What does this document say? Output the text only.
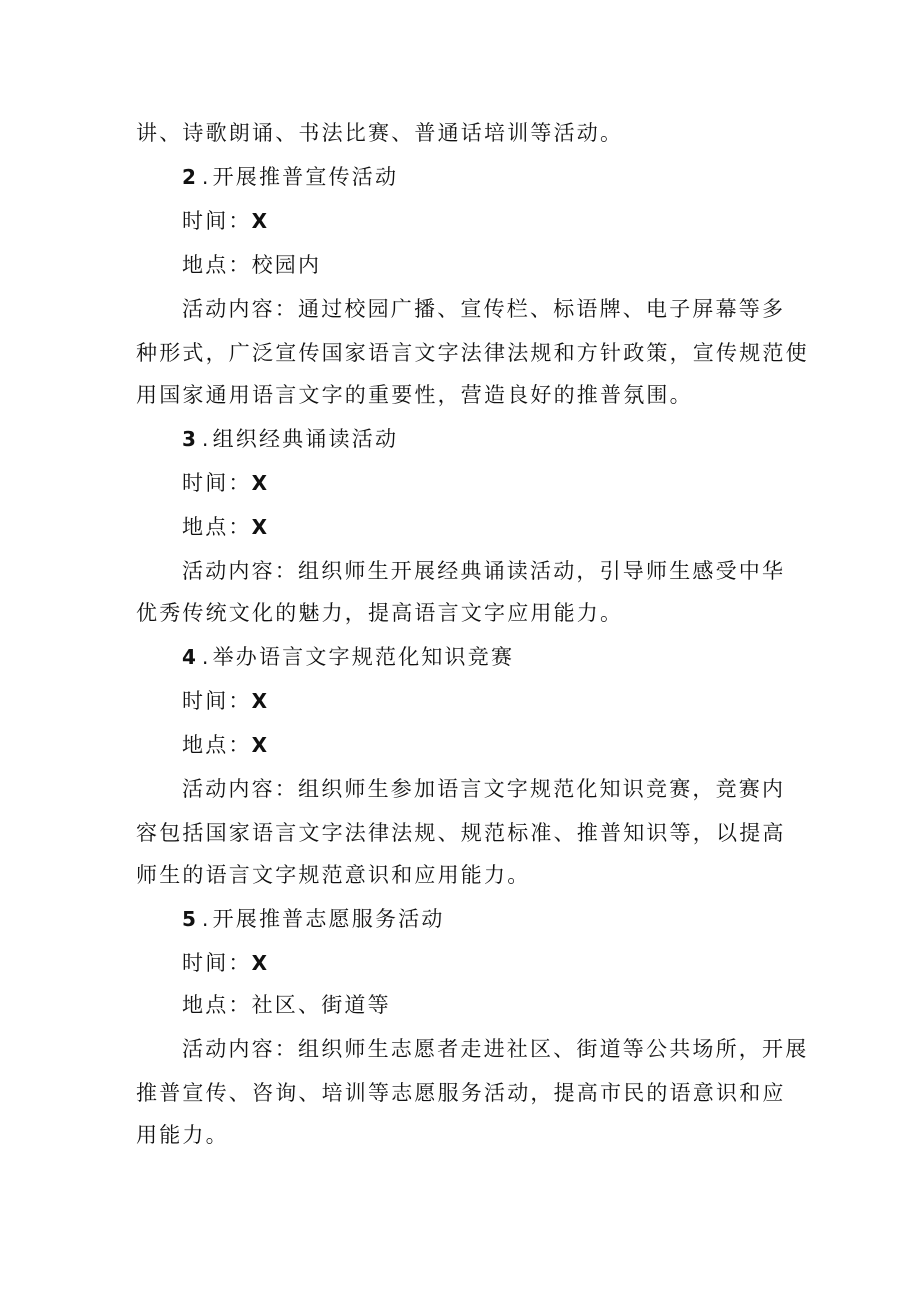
讲、诗歌朗诵、书法比赛、普通话培训等活动。
2 .开展推普宣传活动
时间：X
地点：校园内
活动内容：通过校园广播、宣传栏、标语牌、电子屏幕等多
种形式，广泛宣传国家语言文字法律法规和方针政策，宣传规范使
用国家通用语言文字的重要性，营造良好的推普氛围。
3 .组织经典诵读活动
时间：X
地点：X
活动内容：组织师生开展经典诵读活动，引导师生感受中华
优秀传统文化的魅力，提高语言文字应用能力。
4 .举办语言文字规范化知识竞赛
时间：X
地点：X
活动内容：组织师生参加语言文字规范化知识竞赛，竞赛内
容包括国家语言文字法律法规、规范标准、推普知识等，以提高
师生的语言文字规范意识和应用能力。
5 .开展推普志愿服务活动
时间：X
地点：社区、街道等
活动内容：组织师生志愿者走进社区、街道等公共场所，开展
推普宣传、咨询、培训等志愿服务活动，提高市民的语意识和应
用能力。
